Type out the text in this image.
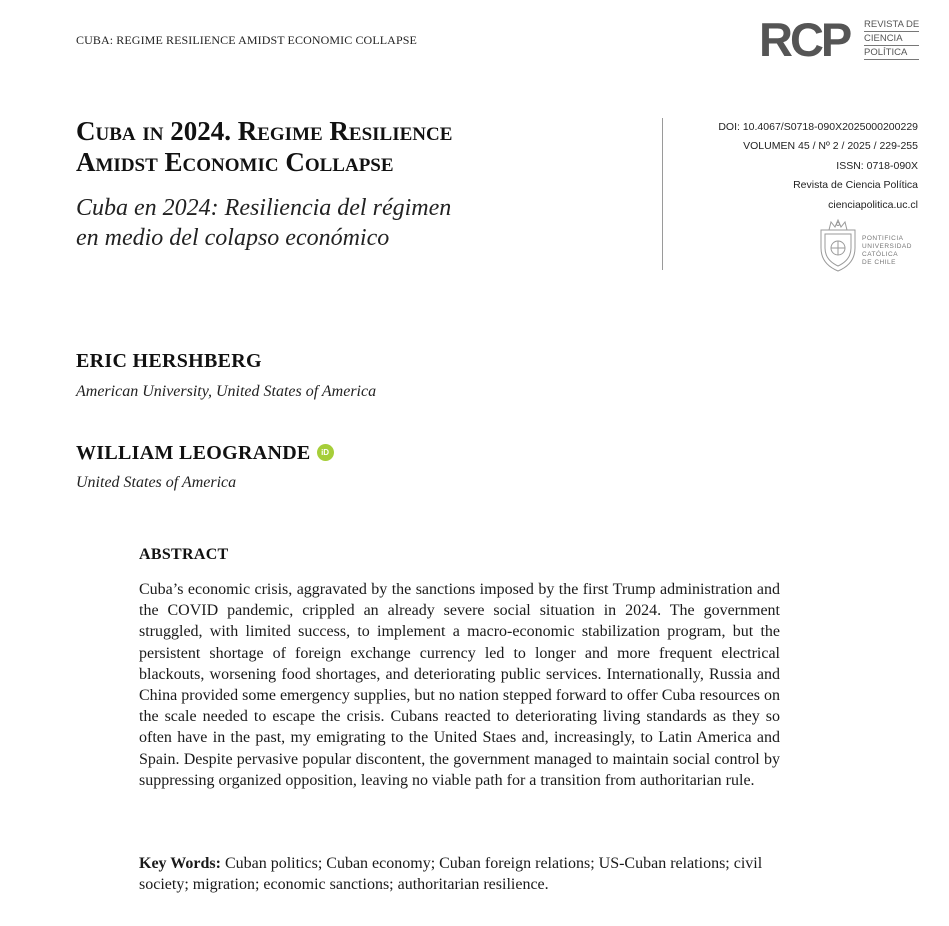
CUBA: REGIME RESILIENCE AMIDST ECONOMIC COLLAPSE	RCP REVISTA DE
CIENCIA
POLÍTICA
Cuba in 2024. Regime Resilience
Amidst Economic Collapse
Cuba en 2024: Resiliencia del régimen
en medio del colapso económico
DOI: 10.4067/S0718-090X2025000200229
VOLUMEN 45 / Nº 2 / 2025 / 229-255
ISSN: 0718-090X
Revista de Ciencia Política
cienciapolitica.uc.cl
PONTIFICIA
UNIVERSIDAD
CATÓLICA
DE CHILE
ERIC HERSHBERG
American University, United States of America
WILLIAM LEOGRANDE iD
United States of America
ABSTRACT
Cuba’s economic crisis, aggravated by the sanctions imposed by the first Trump administration and the COVID pandemic, crippled an already severe social situation in 2024. The government struggled, with limited success, to implement a macro-economic stabilization program, but the persistent shortage of foreign exchange currency led to longer and more frequent electrical blackouts, worsening food shortages, and deteriorating public services. Internationally, Russia and China provided some emergency supplies, but no nation stepped forward to offer Cuba resources on the scale needed to escape the crisis. Cubans reacted to deteriorating living standards as they so often have in the past, my emigrating to the United Staes and, increasingly, to Latin America and Spain. Despite pervasive popular discontent, the government managed to maintain social control by suppressing organized opposition, leaving no viable path for a transition from authoritarian rule.
Key Words: Cuban politics; Cuban economy; Cuban foreign relations; US-Cuban relations; civil society; migration; economic sanctions; authoritarian resilience.
